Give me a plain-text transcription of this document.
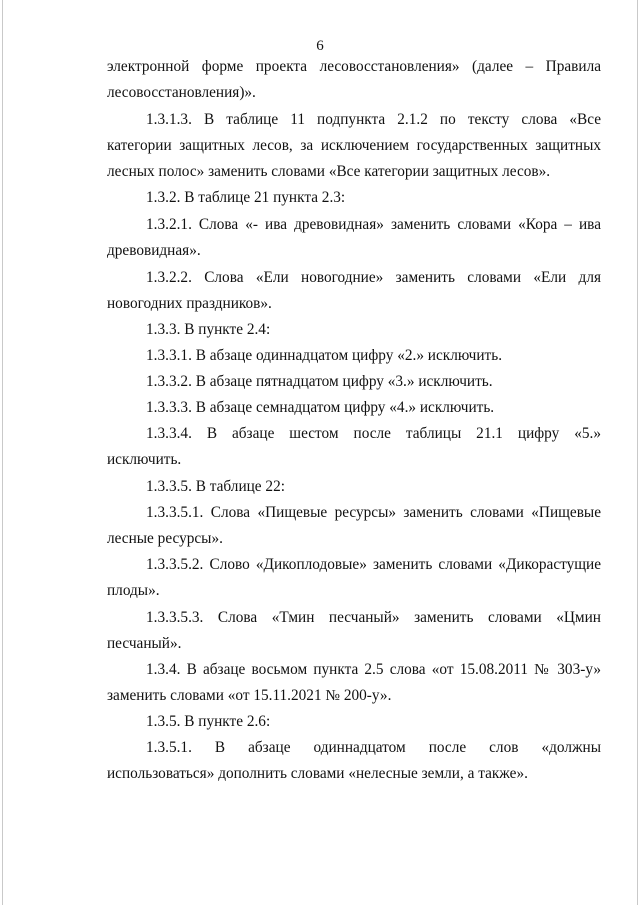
6
электронной форме проекта лесовосстановления» (далее – Правила
лесовосстановления)».
1.3.1.3. В таблице 11 подпункта 2.1.2 по тексту слова «Все
категории защитных лесов, за исключением государственных защитных
лесных полос» заменить словами «Все категории защитных лесов».
1.3.2. В таблице 21 пункта 2.3:
1.3.2.1. Слова «- ива древовидная» заменить словами «Кора – ива
древовидная».
1.3.2.2. Слова «Ели новогодние» заменить словами «Ели для
новогодних праздников».
1.3.3. В пункте 2.4:
1.3.3.1. В абзаце одиннадцатом цифру «2.» исключить.
1.3.3.2. В абзаце пятнадцатом цифру «3.» исключить.
1.3.3.3. В абзаце семнадцатом цифру «4.» исключить.
1.3.3.4. В абзаце шестом после таблицы 21.1 цифру «5.»
исключить.
1.3.3.5. В таблице 22:
1.3.3.5.1. Слова «Пищевые ресурсы» заменить словами «Пищевые
лесные ресурсы».
1.3.3.5.2. Слово «Дикоплодовые» заменить словами «Дикорастущие
плоды».
1.3.3.5.3. Слова «Тмин песчаный» заменить словами «Цмин
песчаный».
1.3.4. В абзаце восьмом пункта 2.5 слова «от 15.08.2011 № 303-у»
заменить словами «от 15.11.2021 № 200-у».
1.3.5. В пункте 2.6:
1.3.5.1. В абзаце одиннадцатом после слов «должны
использоваться» дополнить словами «нелесные земли, а также».
